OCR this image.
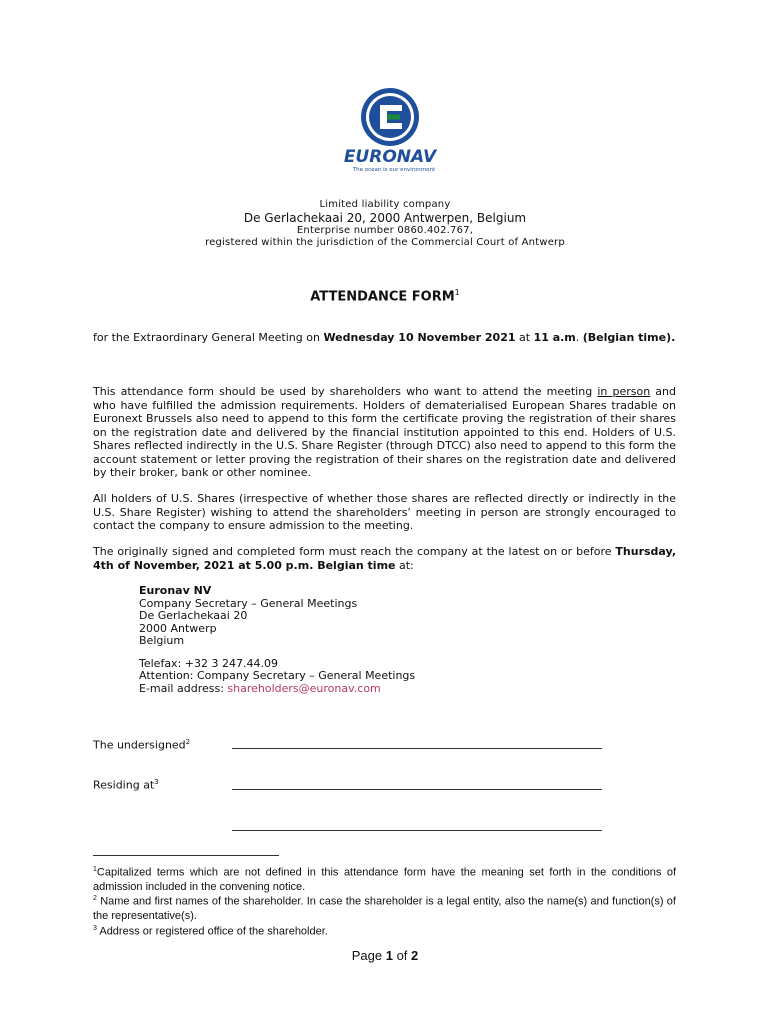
EURONAV
The ocean is our environment
Limited liability company
De Gerlachekaai 20, 2000 Antwerpen, Belgium
Enterprise number 0860.402.767,
registered within the jurisdiction of the Commercial Court of Antwerp
ATTENDANCE FORM$^1$
for the Extraordinary General Meeting on Wednesday 10 November 2021 at 11 a.m. (Belgian time).
This attendance form should be used by shareholders who want to attend the meeting in person and who have fulfilled the admission requirements. Holders of dematerialised European Shares tradable on Euronext Brussels also need to append to this form the certificate proving the registration of their shares on the registration date and delivered by the financial institution appointed to this end. Holders of U.S. Shares reflected indirectly in the U.S. Share Register (through DTCC) also need to append to this form the account statement or letter proving the registration of their shares on the registration date and delivered by their broker, bank or other nominee.
All holders of U.S. Shares (irrespective of whether those shares are reflected directly or indirectly in the U.S. Share Register) wishing to attend the shareholders’ meeting in person are strongly encouraged to contact the company to ensure admission to the meeting.
The originally signed and completed form must reach the company at the latest on or before Thursday, 4th of November, 2021 at 5.00 p.m. Belgian time at:
Euronav NV
Company Secretary – General Meetings
De Gerlachekaai 20
2000 Antwerp
Belgium
Telefax: +32 3 247.44.09
Attention: Company Secretary – General Meetings
E-mail address: shareholders@euronav.com
The undersigned$^2$
Residing $at^3$
$^1$Capitalized terms which are not defined in this attendance form have the meaning set forth in the conditions of admission included in the convening notice.
$^2$ Name and first names of the shareholder. In case the shareholder is a legal entity, also the name(s) and function(s) of the representative(s).
$^3$ Address or registered office of the shareholder.
Page 1 of 2
